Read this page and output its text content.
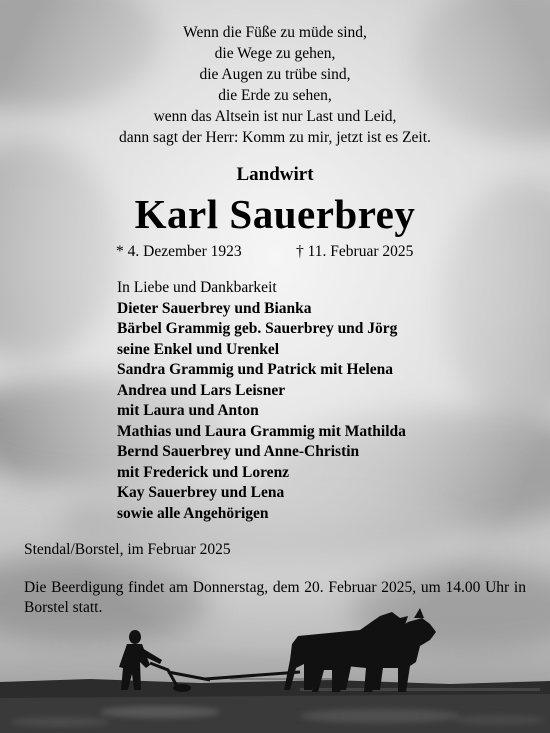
Wenn die Füße zu müde sind,
die Wege zu gehen,
die Augen zu trübe sind,
die Erde zu sehen,
wenn das Altsein ist nur Last und Leid,
dann sagt der Herr: Komm zu mir, jetzt ist es Zeit.
Landwirt
Karl Sauerbrey
* 4. Dezember 1923	† 11. Februar 2025
In Liebe und Dankbarkeit
Dieter Sauerbrey und Bianka
Bärbel Grammig geb. Sauerbrey und Jörg
seine Enkel und Urenkel
Sandra Grammig und Patrick mit Helena
Andrea und Lars Leisner
mit Laura und Anton
Mathias und Laura Grammig mit Mathilda
Bernd Sauerbrey und Anne-Christin
mit Frederick und Lorenz
Kay Sauerbrey und Lena
sowie alle Angehörigen
Stendal/Borstel, im Februar 2025
Die Beerdigung findet am Donnerstag, dem 20. Februar 2025, um 14.00 Uhr in Borstel statt.
